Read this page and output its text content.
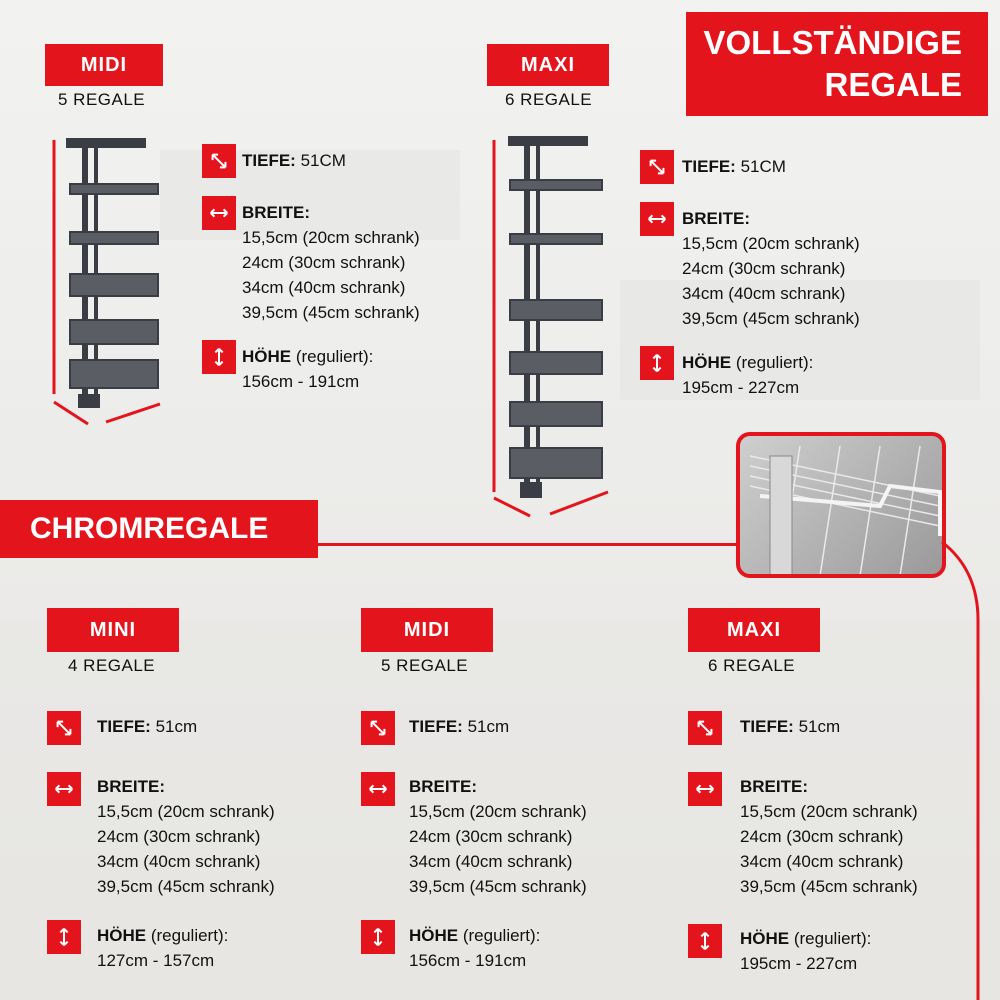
VOLLSTÄNDIGE
REGALE
MIDI
5 REGALE
TIEFE: 51CM
BREITE:
15,5cm (20cm schrank)
24cm (30cm schrank)
34cm (40cm schrank)
39,5cm (45cm schrank)
HÖHE (reguliert):
156cm - 191cm
MAXI
6 REGALE
TIEFE: 51CM
BREITE:
15,5cm (20cm schrank)
24cm (30cm schrank)
34cm (40cm schrank)
39,5cm (45cm schrank)
HÖHE (reguliert):
195cm - 227cm
CHROMREGALE
MINI
4 REGALE
TIEFE: 51cm
BREITE:
15,5cm (20cm schrank)
24cm (30cm schrank)
34cm (40cm schrank)
39,5cm (45cm schrank)
HÖHE (reguliert):
127cm - 157cm
MIDI
5 REGALE
TIEFE: 51cm
BREITE:
15,5cm (20cm schrank)
24cm (30cm schrank)
34cm (40cm schrank)
39,5cm (45cm schrank)
HÖHE (reguliert):
156cm - 191cm
MAXI
6 REGALE
TIEFE: 51cm
BREITE:
15,5cm (20cm schrank)
24cm (30cm schrank)
34cm (40cm schrank)
39,5cm (45cm schrank)
HÖHE (reguliert):
195cm - 227cm
